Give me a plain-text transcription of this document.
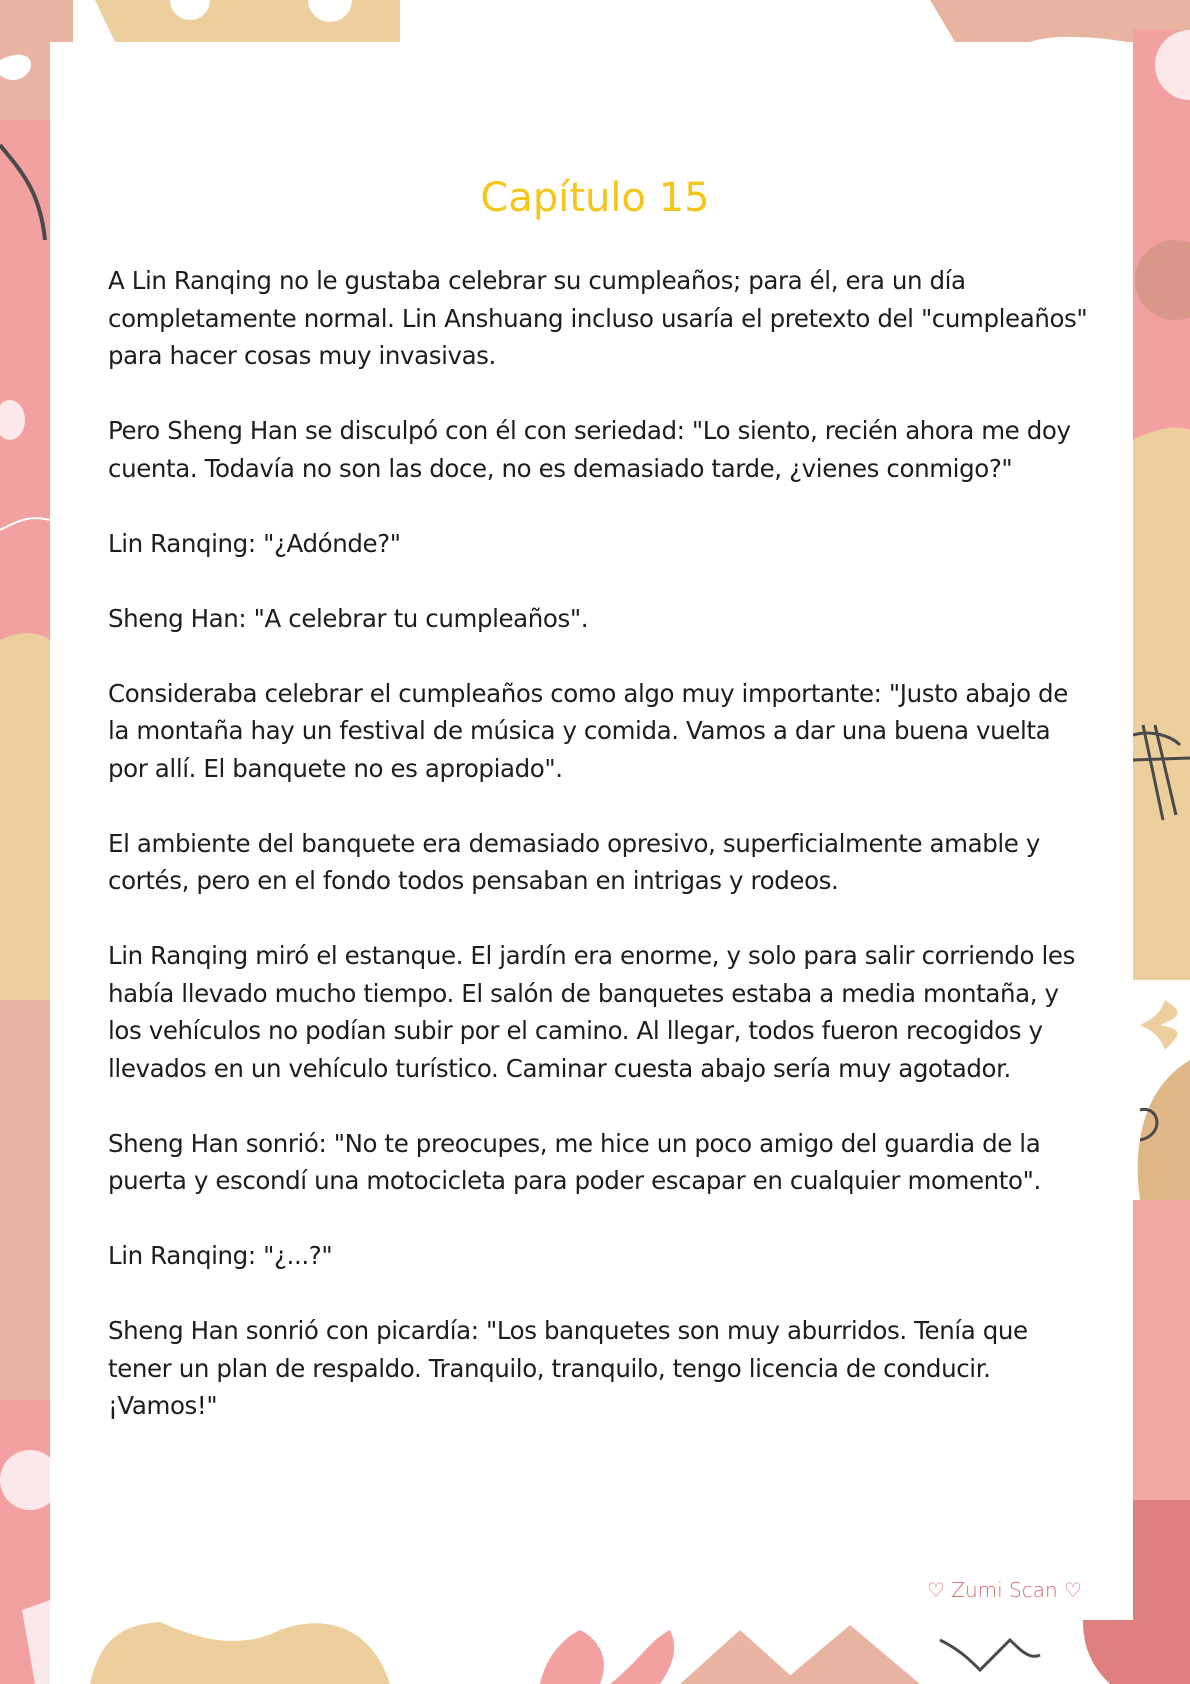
Capítulo 15

A Lin Ranqing no le gustaba celebrar su cumpleaños; para él, era un día completamente normal. Lin Anshuang incluso usaría el pretexto del "cumpleaños" para hacer cosas muy invasivas.

Pero Sheng Han se disculpó con él con seriedad: "Lo siento, recién ahora me doy cuenta. Todavía no son las doce, no es demasiado tarde, ¿vienes conmigo?"

Lin Ranqing: "¿Adónde?"

Sheng Han: "A celebrar tu cumpleaños".

Consideraba celebrar el cumpleaños como algo muy importante: "Justo abajo de la montaña hay un festival de música y comida. Vamos a dar una buena vuelta por allí. El banquete no es apropiado".

El ambiente del banquete era demasiado opresivo, superficialmente amable y cortés, pero en el fondo todos pensaban en intrigas y rodeos.

Lin Ranqing miró el estanque. El jardín era enorme, y solo para salir corriendo les había llevado mucho tiempo. El salón de banquetes estaba a media montaña, y los vehículos no podían subir por el camino. Al llegar, todos fueron recogidos y llevados en un vehículo turístico. Caminar cuesta abajo sería muy agotador.

Sheng Han sonrió: "No te preocupes, me hice un poco amigo del guardia de la puerta y escondí una motocicleta para poder escapar en cualquier momento".

Lin Ranqing: "¿...?"

Sheng Han sonrió con picardía: "Los banquetes son muy aburridos. Tenía que tener un plan de respaldo. Tranquilo, tranquilo, tengo licencia de conducir. ¡Vamos!"

♡ Zumi Scan ♡
